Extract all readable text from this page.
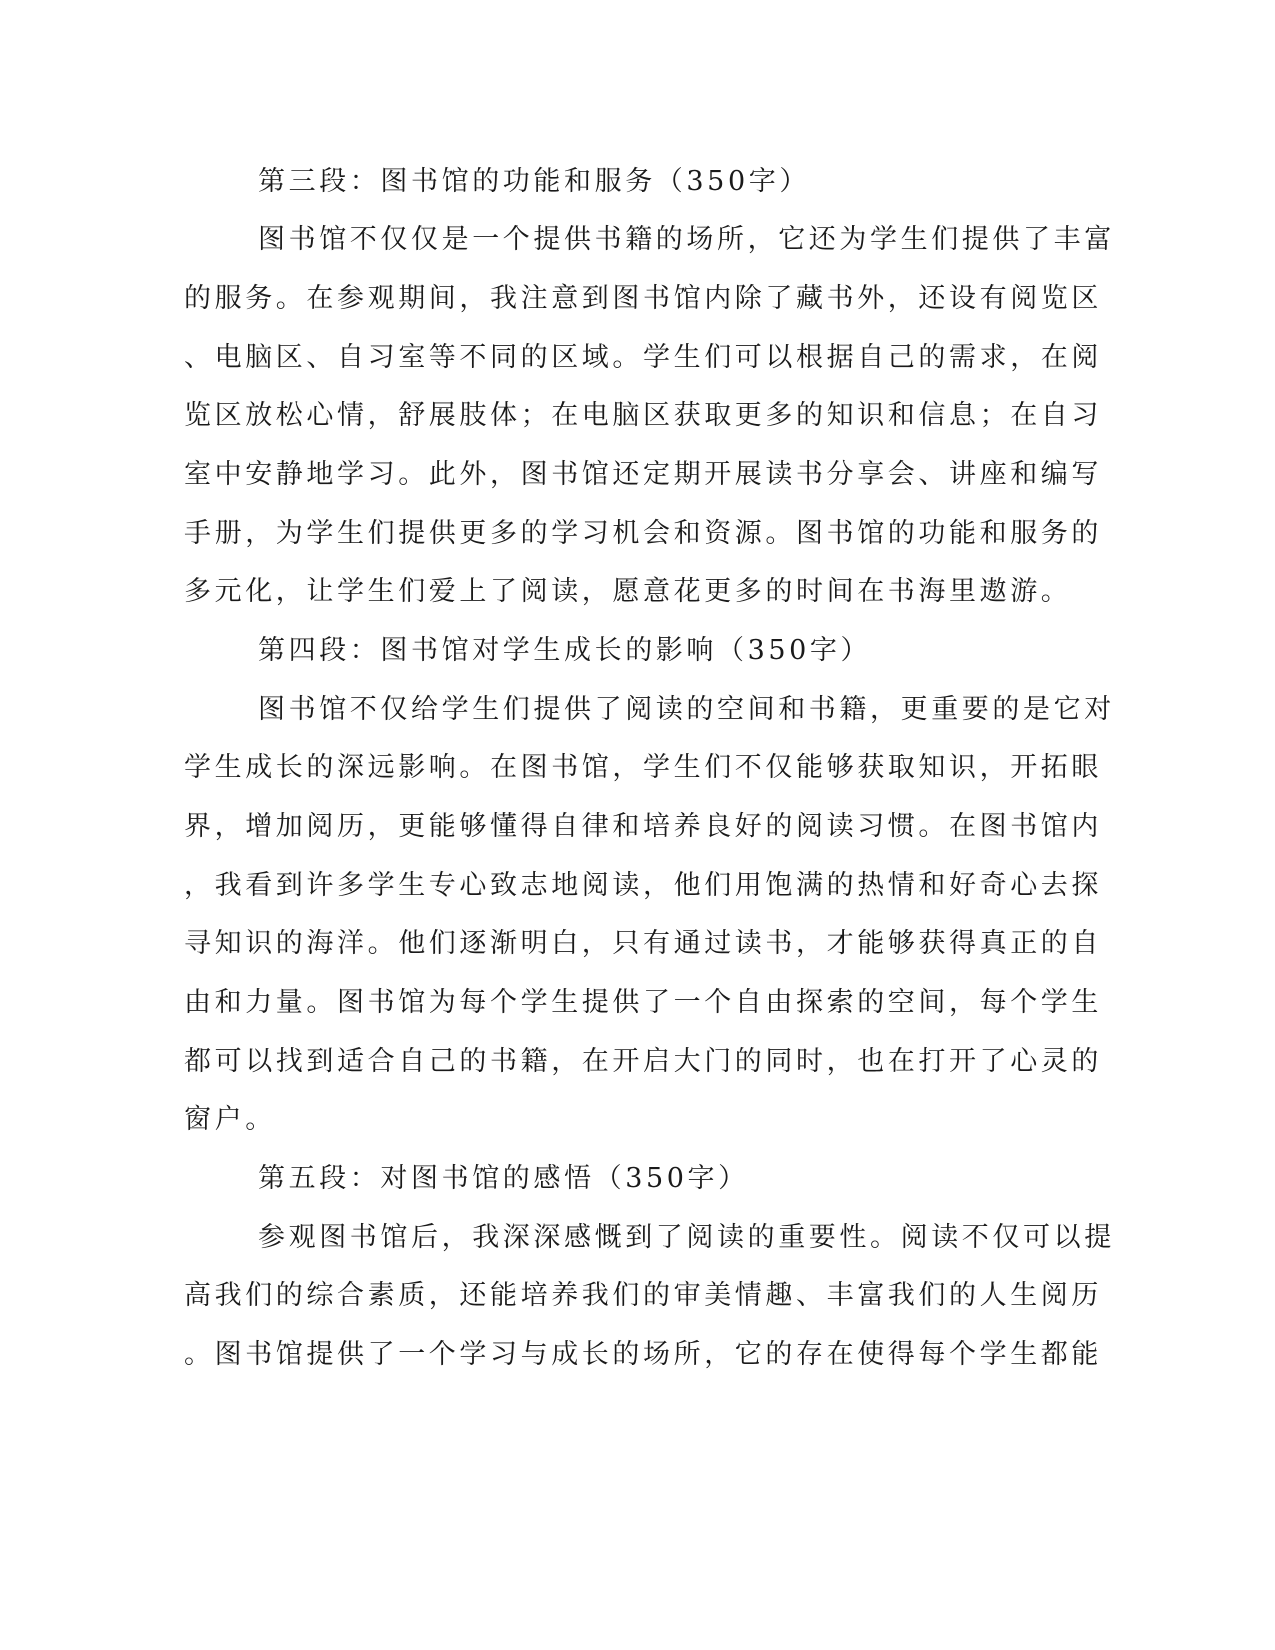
第三段：图书馆的功能和服务（350字）
图书馆不仅仅是一个提供书籍的场所，它还为学生们提供了丰富
的服务。在参观期间，我注意到图书馆内除了藏书外，还设有阅览区
、电脑区、自习室等不同的区域。学生们可以根据自己的需求，在阅
览区放松心情，舒展肢体；在电脑区获取更多的知识和信息；在自习
室中安静地学习。此外，图书馆还定期开展读书分享会、讲座和编写
手册，为学生们提供更多的学习机会和资源。图书馆的功能和服务的
多元化，让学生们爱上了阅读，愿意花更多的时间在书海里遨游。
第四段：图书馆对学生成长的影响（350字）
图书馆不仅给学生们提供了阅读的空间和书籍，更重要的是它对
学生成长的深远影响。在图书馆，学生们不仅能够获取知识，开拓眼
界，增加阅历，更能够懂得自律和培养良好的阅读习惯。在图书馆内
，我看到许多学生专心致志地阅读，他们用饱满的热情和好奇心去探
寻知识的海洋。他们逐渐明白，只有通过读书，才能够获得真正的自
由和力量。图书馆为每个学生提供了一个自由探索的空间，每个学生
都可以找到适合自己的书籍，在开启大门的同时，也在打开了心灵的
窗户。
第五段：对图书馆的感悟（350字）
参观图书馆后，我深深感慨到了阅读的重要性。阅读不仅可以提
高我们的综合素质，还能培养我们的审美情趣、丰富我们的人生阅历
。图书馆提供了一个学习与成长的场所，它的存在使得每个学生都能
